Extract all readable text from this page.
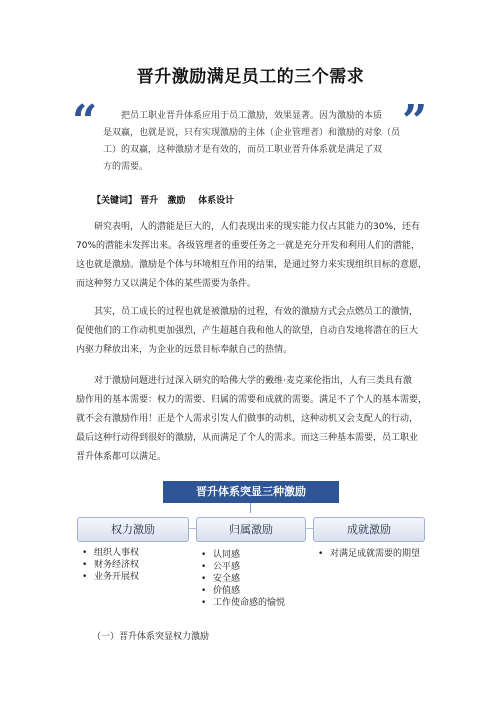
晋升激励满足员工的三个需求
“	”
把员工职业晋升体系应用于员工激励，效果显著。因为激励的本质
是双赢，也就是说，只有实现激励的主体（企业管理者）和激励的对象（员
工）的双赢，这种激励才是有效的，而员工职业晋升体系就是满足了双
方的需要。
【关键词】 晋升   激励    体系设计
研究表明，人的潜能是巨大的，人们表现出来的现实能力仅占其能力的30%，还有
70%的潜能未发挥出来。各级管理者的重要任务之一就是充分开发和利用人们的潜能，
这也就是激励。激励是个体与环境相互作用的结果，是通过努力来实现组织目标的意愿，
而这种努力又以满足个体的某些需要为条件。
其实，员工成长的过程也就是被激励的过程，有效的激励方式会点燃员工的激情，
促使他们的工作动机更加强烈，产生超越自我和他人的欲望，自动自发地将潜在的巨大
内驱力释放出来，为企业的远景目标奉献自己的热情。
对于激励问题进行过深入研究的哈佛大学的戴维·麦克莱伦指出，人有三类具有激
励作用的基本需要：权力的需要、归属的需要和成就的需要。满足不了个人的基本需要，
就不会有激励作用！正是个人需求引发人们做事的动机，这种动机又会支配人的行动，
最后这种行动得到很好的激励，从而满足了个人的需求。而这三种基本需要，员工职业
晋升体系都可以满足。
晋升体系突显三种激励
权力激励	归属激励	成就激励
• 组织人事权
• 财务经济权
• 业务开展权
• 认同感
• 公平感
• 安全感
• 价值感
• 工作使命感的愉悦
• 对满足成就需要的期望
（一）晋升体系突显权力激励
